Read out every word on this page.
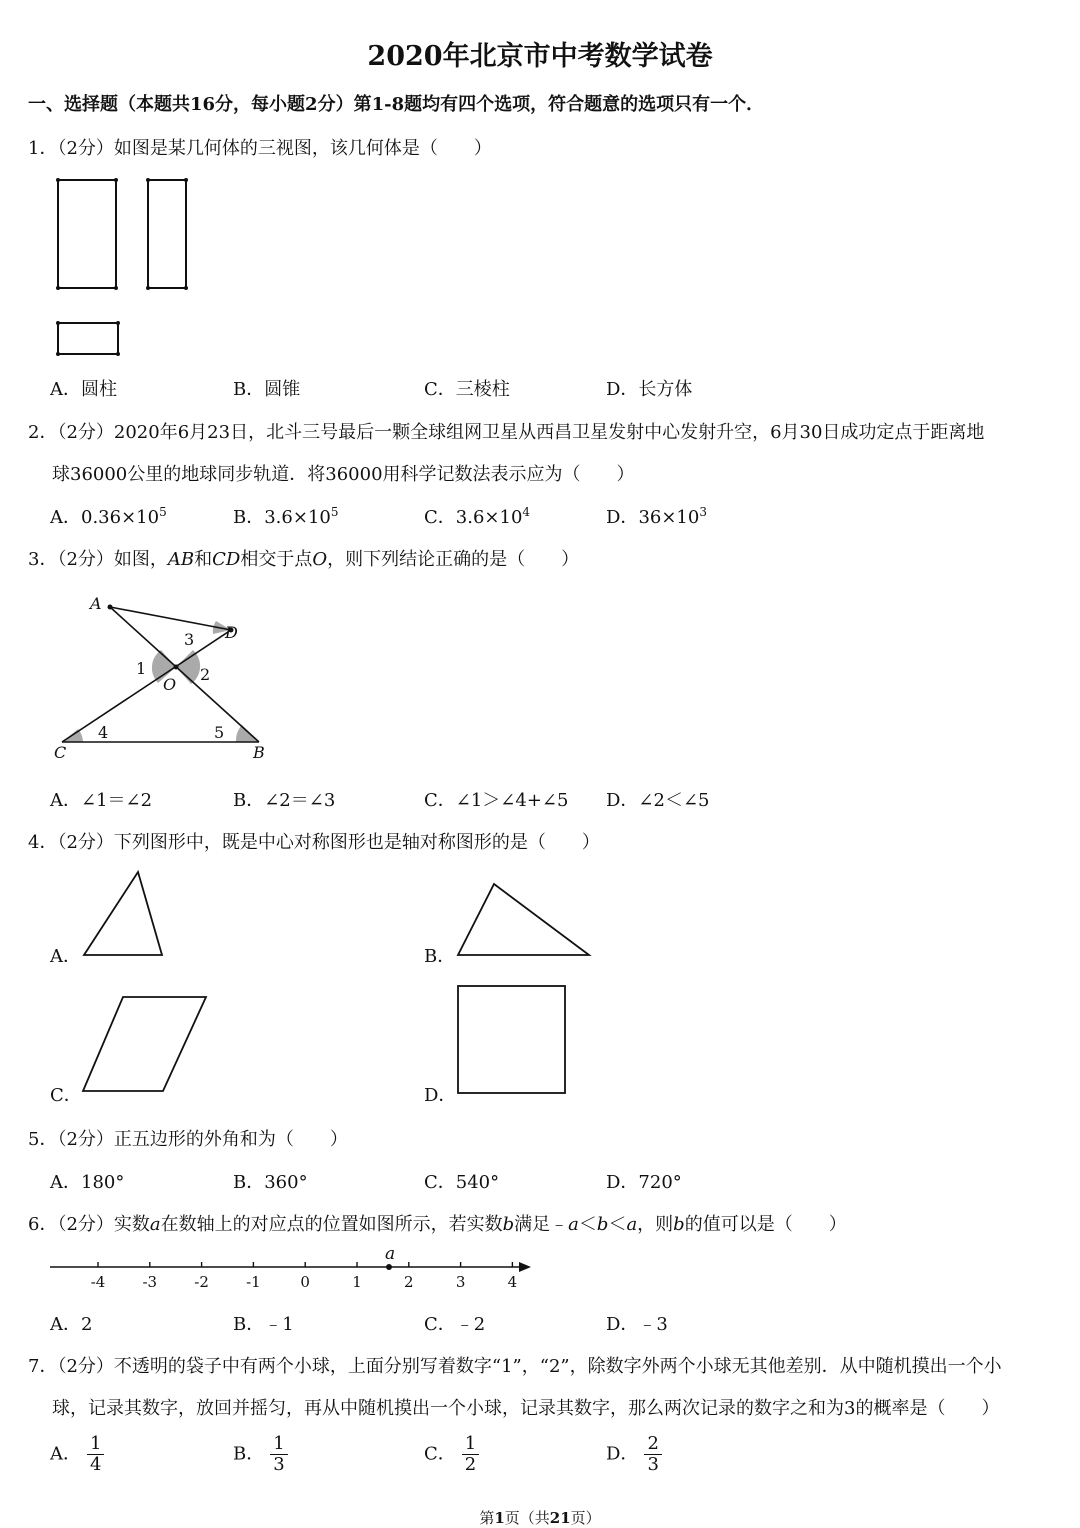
2020年北京市中考数学试卷
一、选择题（本题共16分，每小题2分）第1-8题均有四个选项，符合题意的选项只有一个．
1．（2分）如图是某几何体的三视图，该几何体是（　　）
A．圆柱	B．圆锥	C．三棱柱	D．长方体
2．（2分）2020年6月23日，北斗三号最后一颗全球组网卫星从西昌卫星发射中心发射升空，6月30日成功定点于距离地
球36000公里的地球同步轨道．将36000用科学记数法表示应为（　　）
A．$0.36\times 10^5$	B．$3.6\times 10^5$	C．$3.6\times 10^4$	D．$36\times 10^3$
3．（2分）如图，AB和CD相交于点O，则下列结论正确的是（　　）
A
D
O
C	B
3
1	2
4	5
A．∠1＝∠2	B．∠2＝∠3	C．∠1＞∠4+∠5 D．∠2＜∠5
4．（2分）下列图形中，既是中心对称图形也是轴对称图形的是（　　）
A．	B．
C．	D．
5．（2分）正五边形的外角和为（　　）
A．180°	B．360°	C．540°	D．720°
6．（2分）实数a在数轴上的对应点的位置如图所示，若实数b满足﹣a＜b＜a，则b的值可以是（　　）
-4 -3 -2 -1	0	1	2	3	4
a
A．2	B．﹣1	C．﹣2	D．﹣3
7．（2分）不透明的袋子中有两个小球，上面分别写着数字“1”，“2”，除数字外两个小球无其他差别．从中随机摸出一个小
球，记录其数字，放回并摇匀，再从中随机摸出一个小球，记录其数字，那么两次记录的数字之和为3的概率是（　　）
A． $\frac{1}{4}$	B． $\frac{1}{3}$	C． $\frac{1}{2}$	D． $\frac{2}{3}$
第1页（共21页）
